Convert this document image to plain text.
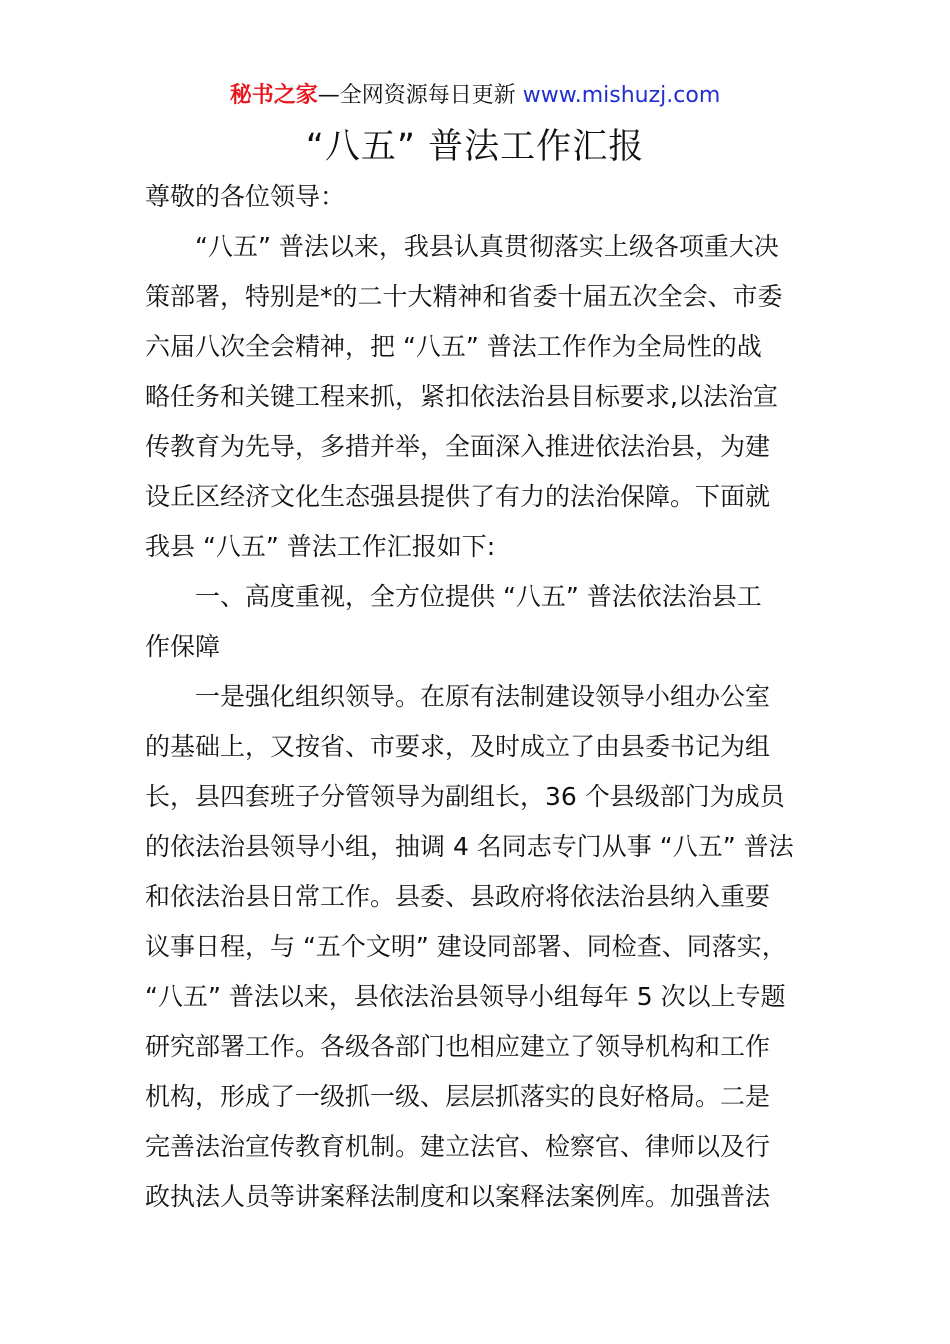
秘书之家—全网资源每日更新 www.mishuzj.com
“八五” 普法工作汇报
尊敬的各位领导：
“八五” 普法以来，我县认真贯彻落实上级各项重大决
策部署，特别是*的二十大精神和省委十届五次全会、市委
六届八次全会精神，把 “八五” 普法工作作为全局性的战
略任务和关键工程来抓，紧扣依法治县目标要求,以法治宣
传教育为先导，多措并举，全面深入推进依法治县，为建
设丘区经济文化生态强县提供了有力的法治保障。下面就
我县 “八五” 普法工作汇报如下:
一、高度重视，全方位提供 “八五” 普法依法治县工
作保障
一是强化组织领导。在原有法制建设领导小组办公室
的基础上，又按省、市要求，及时成立了由县委书记为组
长，县四套班子分管领导为副组长，36 个县级部门为成员
的依法治县领导小组，抽调 4 名同志专门从事 “八五” 普法
和依法治县日常工作。县委、县政府将依法治县纳入重要
议事日程，与 “五个文明” 建设同部署、同检查、同落实，
“八五” 普法以来，县依法治县领导小组每年 5 次以上专题
研究部署工作。各级各部门也相应建立了领导机构和工作
机构，形成了一级抓一级、层层抓落实的良好格局。二是
完善法治宣传教育机制。建立法官、检察官、律师以及行
政执法人员等讲案释法制度和以案释法案例库。加强普法
